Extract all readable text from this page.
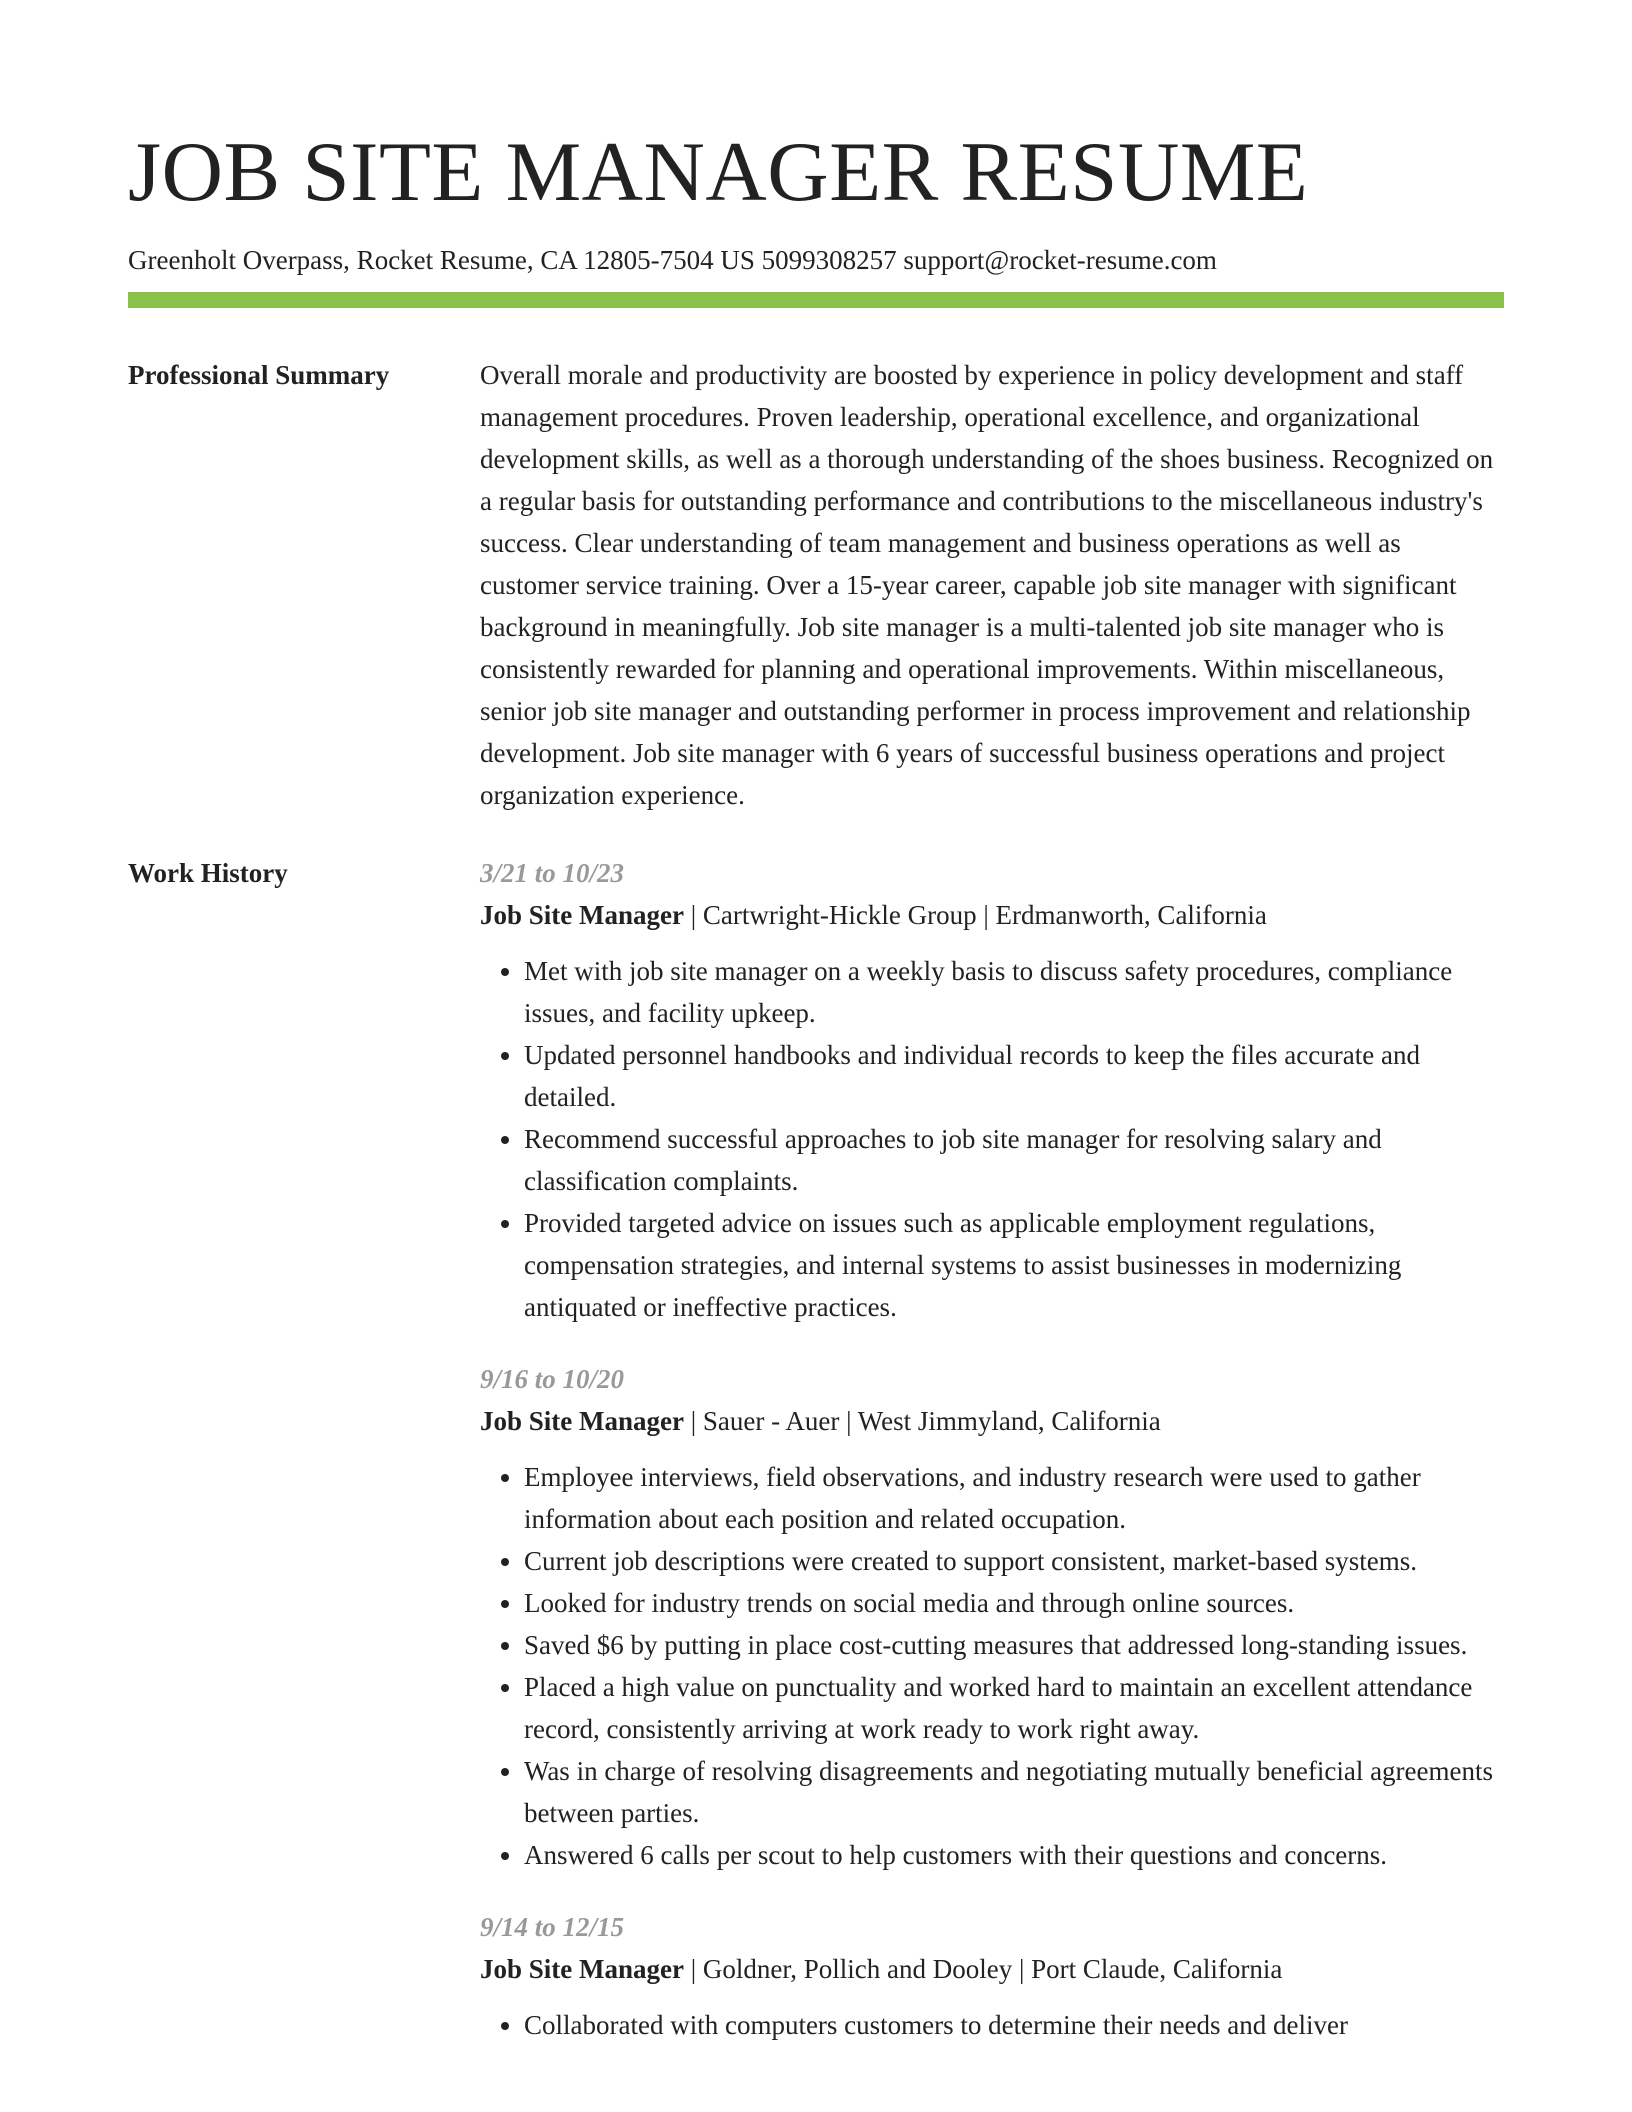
JOB SITE MANAGER RESUME
Greenholt Overpass, Rocket Resume, CA 12805-7504 US 5099308257 support@rocket-resume.com
Professional Summary	Overall morale and productivity are boosted by experience in policy development and staff management procedures. Proven leadership, operational excellence, and organizational development skills, as well as a thorough understanding of the shoes business. Recognized on a regular basis for outstanding performance and contributions to the miscellaneous industry's success. Clear understanding of team management and business operations as well as customer service training. Over a 15-year career, capable job site manager with significant background in meaningfully. Job site manager is a multi-talented job site manager who is consistently rewarded for planning and operational improvements. Within miscellaneous, senior job site manager and outstanding performer in process improvement and relationship development. Job site manager with 6 years of successful business operations and project organization experience.

Work History	3/21 to 10/23
Job Site Manager | Cartwright-Hickle Group | Erdmanworth, California
• Met with job site manager on a weekly basis to discuss safety procedures, compliance issues, and facility upkeep.
• Updated personnel handbooks and individual records to keep the files accurate and detailed.
• Recommend successful approaches to job site manager for resolving salary and classification complaints.
• Provided targeted advice on issues such as applicable employment regulations, compensation strategies, and internal systems to assist businesses in modernizing antiquated or ineffective practices.
9/16 to 10/20
Job Site Manager | Sauer - Auer | West Jimmyland, California
• Employee interviews, field observations, and industry research were used to gather information about each position and related occupation.
• Current job descriptions were created to support consistent, market-based systems.
• Looked for industry trends on social media and through online sources.
• Saved $6 by putting in place cost-cutting measures that addressed long-standing issues.
• Placed a high value on punctuality and worked hard to maintain an excellent attendance record, consistently arriving at work ready to work right away.
• Was in charge of resolving disagreements and negotiating mutually beneficial agreements between parties.
• Answered 6 calls per scout to help customers with their questions and concerns.
9/14 to 12/15
Job Site Manager | Goldner, Pollich and Dooley | Port Claude, California
• Collaborated with computers customers to determine their needs and deliver
